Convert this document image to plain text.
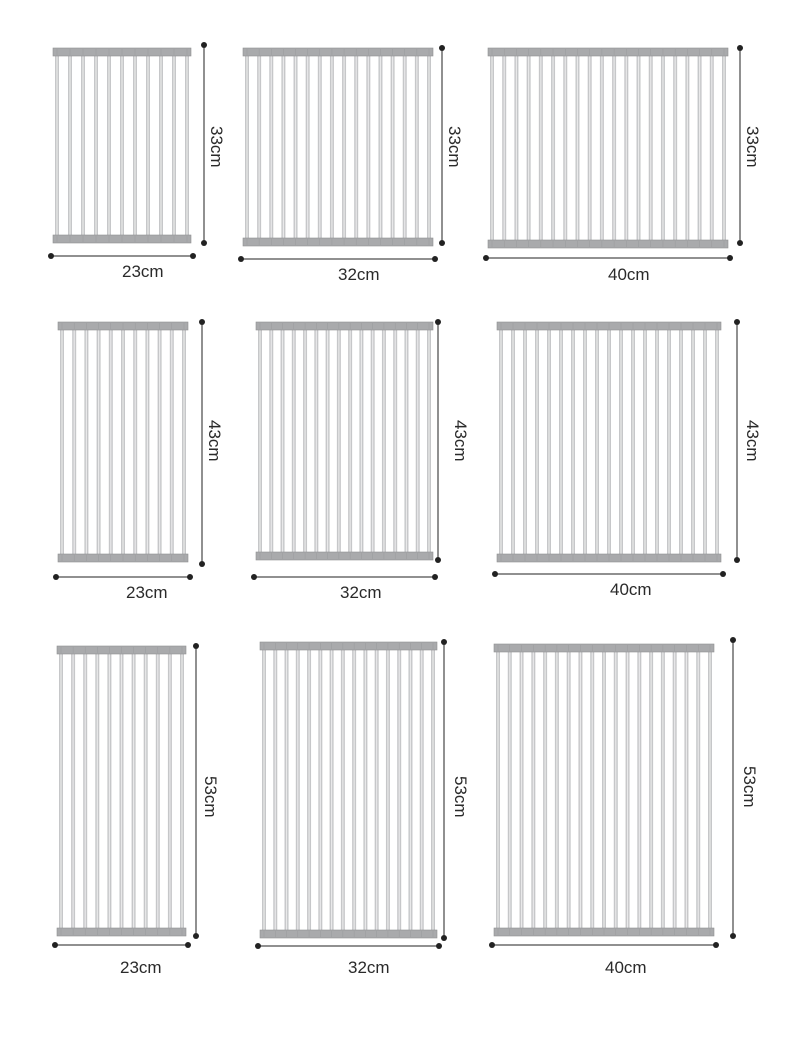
23cm
33cm
32cm
33cm
40cm
33cm
23cm
43cm
32cm
43cm
40cm
43cm
23cm
53cm
32cm
53cm
40cm
53cm
